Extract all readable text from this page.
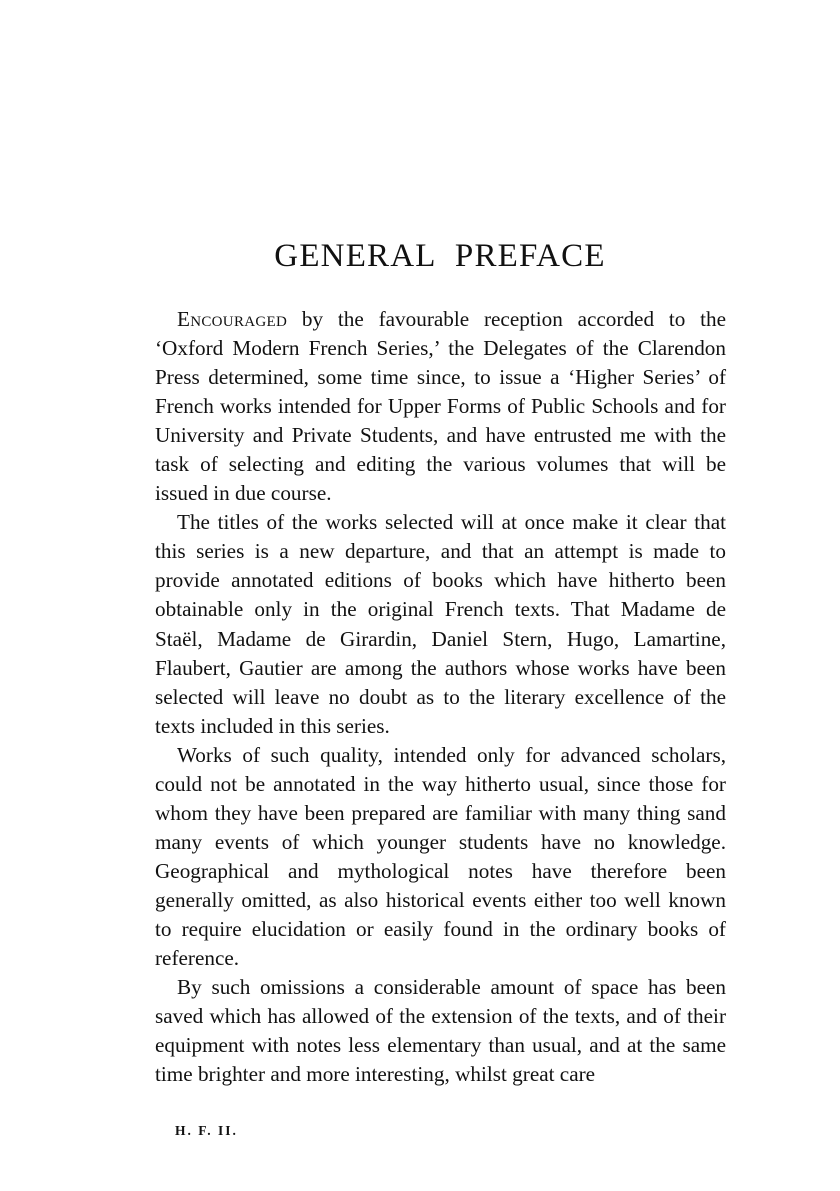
GENERAL PREFACE

Encouraged by the favourable reception accorded to the ‘Oxford Modern French Series,’ the Delegates of the Clarendon Press determined, some time since, to issue a ‘Higher Series’ of French works intended for Upper Forms of Public Schools and for University and Private Students, and have entrusted me with the task of selecting and editing the various volumes that will be issued in due course.

The titles of the works selected will at once make it clear that this series is a new departure, and that an attempt is made to provide annotated editions of books which have hitherto been obtainable only in the original French texts. That Madame de Staël, Madame de Girardin, Daniel Stern, Hugo, Lamartine, Flaubert, Gautier are among the authors whose works have been selected will leave no doubt as to the literary excellence of the texts included in this series.

Works of such quality, intended only for advanced scholars, could not be annotated in the way hitherto usual, since those for whom they have been prepared are familiar with many thing sand many events of which younger students have no knowledge. Geographical and mythological notes have therefore been generally omitted, as also historical events either too well known to require elucidation or easily found in the ordinary books of reference.

By such omissions a considerable amount of space has been saved which has allowed of the extension of the texts, and of their equipment with notes less elementary than usual, and at the same time brighter and more interesting, whilst great care

H. F. II.
